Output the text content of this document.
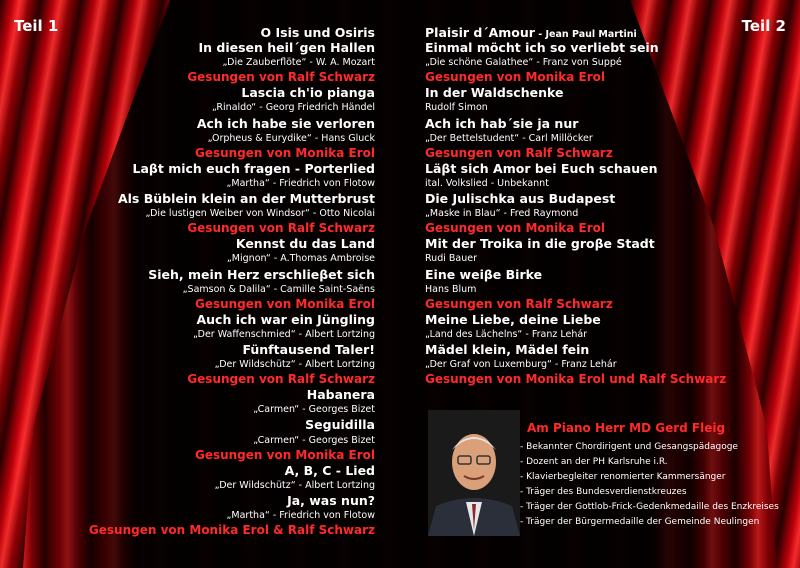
Teil 1	Teil 2
O Isis und Osiris
In diesen heil´gen Hallen
„Die Zauberflöte“ - W. A. Mozart
Gesungen von Ralf Schwarz
Lascia ch'io pianga
„Rinaldo“ - Georg Friedrich Händel
Ach ich habe sie verloren
„Orpheus & Eurydike“ - Hans Gluck
Gesungen von Monika Erol
Laβt mich euch fragen - Porterlied
„Martha“ - Friedrich von Flotow
Als Büblein klein an der Mutterbrust
„Die lustigen Weiber von Windsor“ - Otto Nicolai
Gesungen von Ralf Schwarz
Kennst du das Land
„Mignon“ - A.Thomas Ambroise
Sieh, mein Herz erschlieβet sich
„Samson & Dalila“ - Camille Saint-Saëns
Gesungen von Monika Erol
Auch ich war ein Jüngling
„Der Waffenschmied“ - Albert Lortzing
Fünftausend Taler!
„Der Wildschütz“ - Albert Lortzing
Gesungen von Ralf Schwarz
Habanera
„Carmen“ - Georges Bizet
Seguidilla
„Carmen“ - Georges Bizet
Gesungen von Monika Erol
A, B, C - Lied
„Der Wildschütz“ - Albert Lortzing
Ja, was nun?
„Martha“ - Friedrich von Flotow
Gesungen von Monika Erol & Ralf Schwarz
Plaisir d´Amour - Jean Paul Martini
Einmal möcht ich so verliebt sein
„Die schöne Galathee“ - Franz von Suppé
Gesungen von Monika Erol
In der Waldschenke
Rudolf Simon
Ach ich hab´sie ja nur
„Der Bettelstudent“ - Carl Millöcker
Gesungen von Ralf Schwarz
Läβt sich Amor bei Euch schauen
ital. Volkslied - Unbekannt
Die Julischka aus Budapest
„Maske in Blau“ - Fred Raymond
Gesungen von Monika Erol
Mit der Troika in die groβe Stadt
Rudi Bauer
Eine weiβe Birke
Hans Blum
Gesungen von Ralf Schwarz
Meine Liebe, deine Liebe
„Land des Lächelns“ - Franz Lehár
Mädel klein, Mädel fein
„Der Graf von Luxemburg“ - Franz Lehár
Gesungen von Monika Erol und Ralf Schwarz
Am Piano Herr MD Gerd Fleig
- Bekannter Chordirigent und Gesangspädagoge
- Dozent an der PH Karlsruhe i.R.
- Klavierbegleiter renomierter Kammersänger
- Träger des Bundesverdienstkreuzes
- Träger der Gottlob-Frick-Gedenkmedaille des Enzkreises
- Träger der Bürgermedaille der Gemeinde Neulingen
